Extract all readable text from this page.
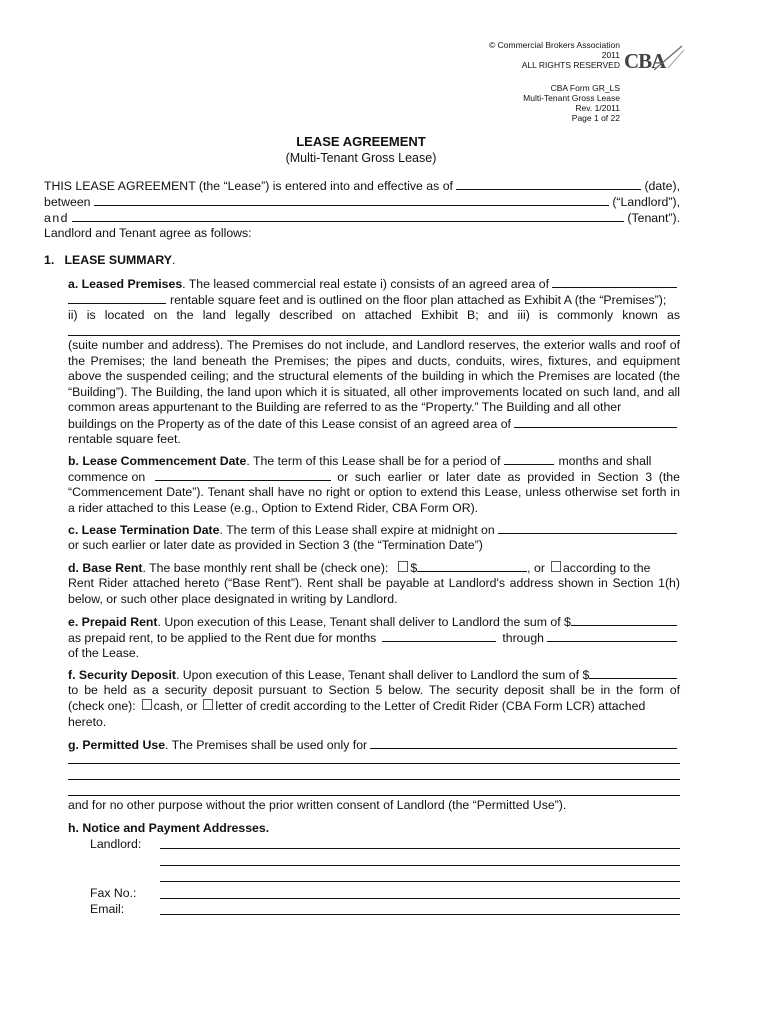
© Commercial Brokers Association
2011
ALL RIGHTS RESERVED
CBA Form GR_LS
Multi-Tenant Gross Lease
Rev. 1/2011
Page 1 of 22
CBA
LEASE AGREEMENT
(Multi-Tenant Gross Lease)
THIS LEASE AGREEMENT (the “Lease”) is entered into and effective as of	(date),
between	(“Landlord”),
and	(Tenant”).
Landlord and Tenant agree as follows:
1. LEASE SUMMARY.
a. Leased Premises . The leased commercial real estate i) consists of an agreed area of
rentable square feet and is outlined on the floor plan attached as Exhibit A (the “Premises”);
ii) is located on the land legally described on attached Exhibit B; and iii) is commonly known as
(suite number and address). The Premises do not include, and Landlord reserves, the exterior walls and roof of the Premises; the land beneath the Premises; the pipes and ducts, conduits, wires, fixtures, and equipment above the suspended ceiling; and the structural elements of the building in which the Premises are located (the “Building”). The Building, the land upon which it is situated, all other improvements located on such land, and all common areas appurtenant to the Building are referred to as the “Property.” The Building and all other
buildings on the Property as of the date of this Lease consist of an agreed area of
rentable square feet.
b. Lease Commencement Date . The term of this Lease shall be for a period of	months and shall
commence on	or such earlier or later date as provided in Section 3 (the
“Commencement Date”). Tenant shall have no right or option to extend this Lease, unless otherwise set forth in a rider attached to this Lease (e.g., Option to Extend Rider, CBA Form OR).
c. Lease Termination Date . The term of this Lease shall expire at midnight on
or such earlier or later date as provided in Section 3 (the “Termination Date”)
d. Base Rent . The base monthly rent shall be (check one): $	, or according to the
Rent Rider attached hereto (“Base Rent”). Rent shall be payable at Landlord's address shown in Section 1(h) below, or such other place designated in writing by Landlord.
e. Prepaid Rent . Upon execution of this Lease, Tenant shall deliver to Landlord the sum of $
as prepaid rent, to be applied to the Rent due for months	through
of the Lease.
f. Security Deposit . Upon execution of this Lease, Tenant shall deliver to Landlord the sum of $
to be held as a security deposit pursuant to Section 5 below. The security deposit shall be in the form of
(check one): cash, or letter of credit according to the Letter of Credit Rider (CBA Form LCR) attached
hereto.
g. Permitted Use . The Premises shall be used only for
and for no other purpose without the prior written consent of Landlord (the “Permitted Use”).
h. Notice and Payment Addresses.
Landlord:
Fax No.:
Email:
